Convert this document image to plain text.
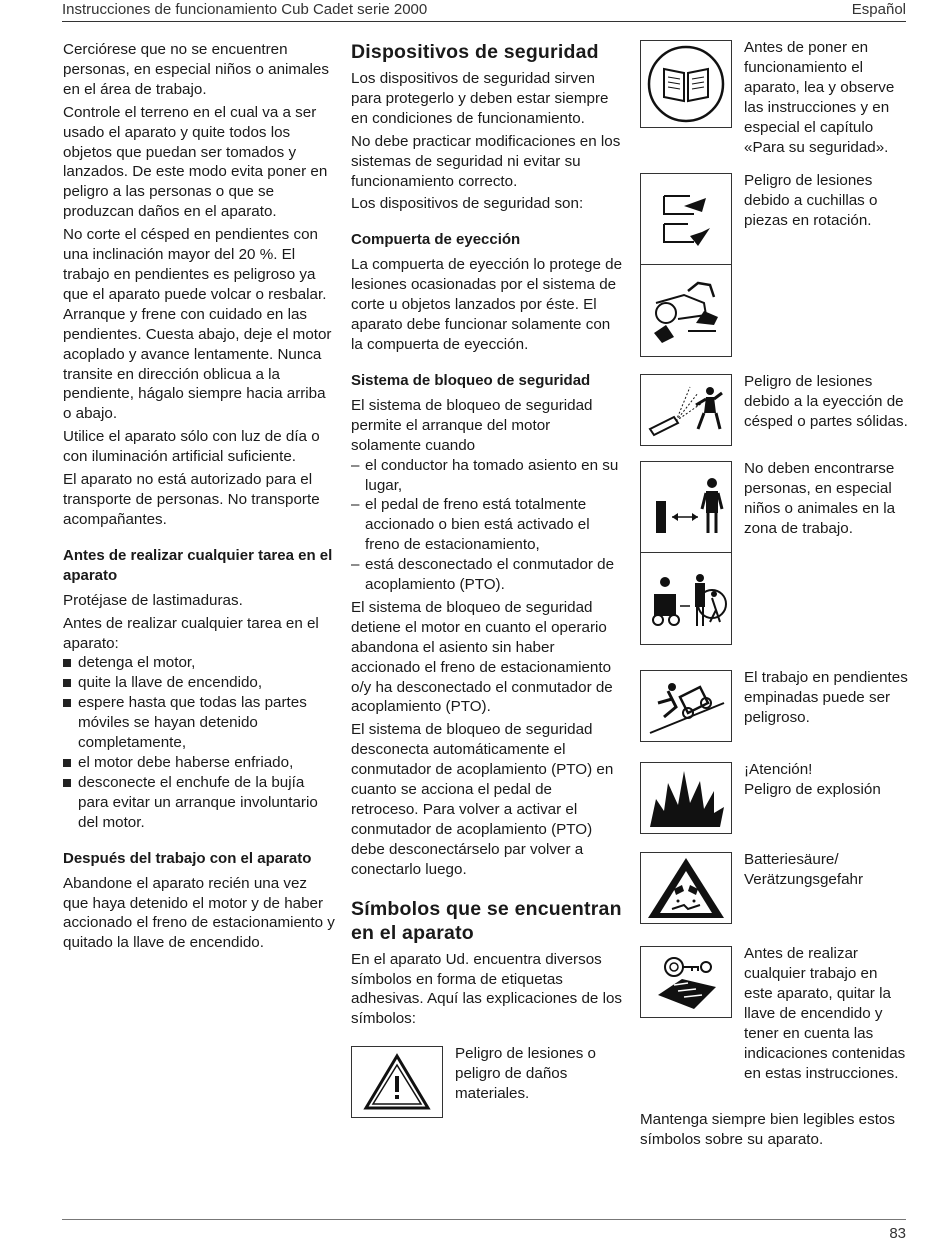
Instrucciones de funcionamiento Cub Cadet serie 2000	Español

Cerciórese que no se encuentren personas, en especial niños o animales en el área de trabajo.

Controle el terreno en el cual va a ser usado el aparato y quite todos los objetos que puedan ser tomados y lanzados. De este modo evita poner en peligro a las personas o que se produzcan daños en el aparato.

No corte el césped en pendientes con una inclinación mayor del 20 %. El trabajo en pendientes es peligroso ya que el aparato puede volcar o resbalar. Arranque y frene con cuidado en las pendientes. Cuesta abajo, deje el motor acoplado y avance lentamente. Nunca transite en dirección oblicua a la pendiente, hágalo siempre hacia arriba o abajo.

Utilice el aparato sólo con luz de día o con iluminación artificial suficiente.

El aparato no está autorizado para el transporte de personas. No transporte acompañantes.

Antes de realizar cualquier tarea en el aparato

Protéjase de lastimaduras.

Antes de realizar cualquier tarea en el aparato:

detenga el motor,
quite la llave de encendido,
espere hasta que todas las partes móviles se hayan detenido completamente,
el motor debe haberse enfriado,
desconecte el enchufe de la bujía para evitar un arranque involuntario del motor.
Después del trabajo con el aparato

Abandone el aparato recién una vez que haya detenido el motor y de haber accionado el freno de estacionamiento y quitado la llave de encendido.

Dispositivos de seguridad

Los dispositivos de seguridad sirven para protegerlo y deben estar siempre en condiciones de funcionamiento.

No debe practicar modificaciones en los sistemas de seguridad ni evitar su funcionamiento correcto.

Los dispositivos de seguridad son:

Compuerta de eyección

La compuerta de eyección lo protege de lesiones ocasionadas por el sistema de corte u objetos lanzados por éste. El aparato debe funcionar solamente con la compuerta de eyección.

Sistema de bloqueo de seguridad

El sistema de bloqueo de seguridad permite el arranque del motor solamente cuando

– el conductor ha tomado asiento en su lugar,
– el pedal de freno está totalmente accionado o bien está activado el freno de estacionamiento,
– está desconectado el conmutador de acoplamiento (PTO).

El sistema de bloqueo de seguridad detiene el motor en cuanto el operario abandona el asiento sin haber accionado el freno de estacionamiento o/y ha desconectado el conmutador de acoplamiento (PTO).

El sistema de bloqueo de seguridad desconecta automáticamente el conmutador de acoplamiento (PTO) en cuanto se acciona el pedal de retroceso. Para volver a activar el conmutador de acoplamiento (PTO) debe desconectárselo par volver a conectarlo luego.

Símbolos que se encuentran en el aparato

En el aparato Ud. encuentra diversos símbolos en forma de etiquetas adhesivas. Aquí las explicaciones de los símbolos:

Peligro de lesiones o peligro de daños materiales.
Antes de poner en funcionamiento el aparato, lea y observe las instrucciones y en especial el capítulo «Para su seguridad».
Peligro de lesiones debido a cuchillas o piezas en rotación.
Peligro de lesiones debido a la eyección de césped o partes sólidas.
No deben encontrarse personas, en especial niños o animales en la zona de trabajo.
El trabajo en pendientes empinadas puede ser peligroso.
¡Atención!
Peligro de explosión
Batteriesäure/
Verätzungsgefahr
Antes de realizar cualquier trabajo en este aparato, quitar la llave de encendido y tener en cuenta las indicaciones contenidas en estas instrucciones.

Mantenga siempre bien legibles estos símbolos sobre su aparato.

83
